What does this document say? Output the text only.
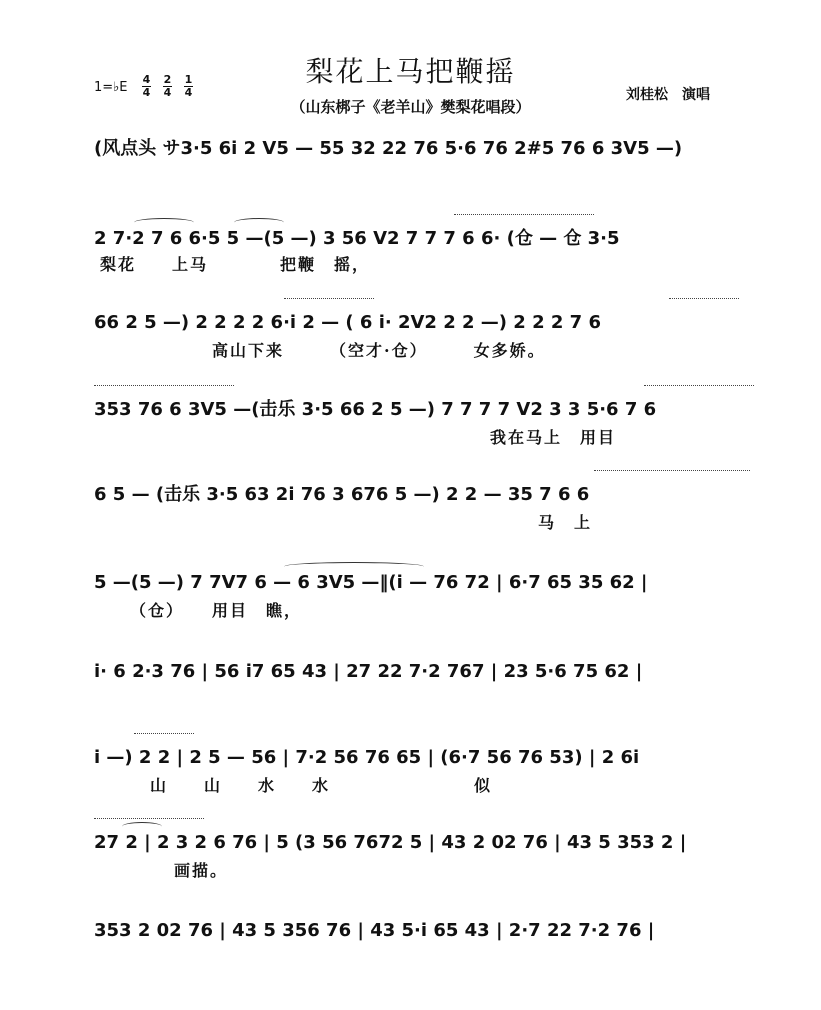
梨花上马把鞭摇
（山东梆子《老羊山》樊梨花唱段）
1=♭E $\frac{4}{4} \frac{2}{4} \frac{1}{4}$	刘桂松　演唱
(风点头 サ3·5 6i 2 V5 — 55 32 22 76 5·6 76 2#5 76 6 3V5 —)
2 7·2 7 6 6·5 5 —(5 —) 3 56 V2 7 7 7 6 6· (仓 — 仓 3·5
梨花　　上马　　　　把鞭　摇，
66 2 5 —) 2 2 2 2 6·i 2 — ( 6 i· 2V2 2 2 —) 2 2 2 7 6
高山下来　　　（空才·仓）　　　女多娇。
353 76 6 3V5 —(击乐 3·5 66 2 5 —) 7 7 7 7 V2 3 3 5·6 7 6
我在马上　用目
6 5 — (击乐 3·5 63 2i 76 3 676 5 —) 2 2 — 35 7 6 6
马　上
5 —(5 —) 7 7V7 6 — 6 3V5 —‖(i — 76 72 | 6·7 65 35 62 |
（仓）　　用目　瞧，
i· 6 2·3 76 | 56 i7 65 43 | 27 22 7·2 767 | 23 5·6 75 62 |
i —) 2 2 | 2 5 — 56 | 7·2 56 76 65 | (6·7 56 76 53) | 2 6i
山　　山　　水　　水　　　　　　　　似
27 2 | 2 3 2 6 76 | 5 (3 56 7672 5 | 43 2 02 76 | 43 5 353 2 |
画描。
353 2 02 76 | 43 5 356 76 | 43 5·i 65 43 | 2·7 22 7·2 76 |
